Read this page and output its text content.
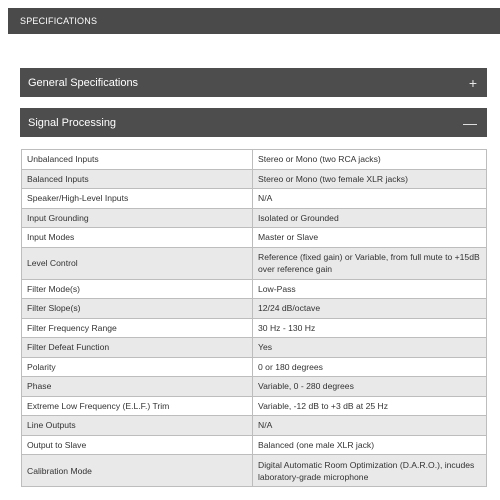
SPECIFICATIONS
General Specifications	+
Signal Processing	—
Unbalanced Inputs	Stereo or Mono (two RCA jacks)
Balanced Inputs	Stereo or Mono (two female XLR jacks)
Speaker/High-Level Inputs	N/A
Input Grounding	Isolated or Grounded
Input Modes	Master or Slave
Level Control	Reference (fixed gain) or Variable, from full mute to +15dB over reference gain
Filter Mode(s)	Low-Pass
Filter Slope(s)	12/24 dB/octave
Filter Frequency Range	30 Hz - 130 Hz
Filter Defeat Function	Yes
Polarity	0 or 180 degrees
Phase	Variable, 0 - 280 degrees
Extreme Low Frequency (E.L.F.) Trim	Variable, -12 dB to +3 dB at 25 Hz
Line Outputs	N/A
Output to Slave	Balanced (one male XLR jack)
Calibration Mode	Digital Automatic Room Optimization (D.A.R.O.), incudes laboratory-grade microphone
